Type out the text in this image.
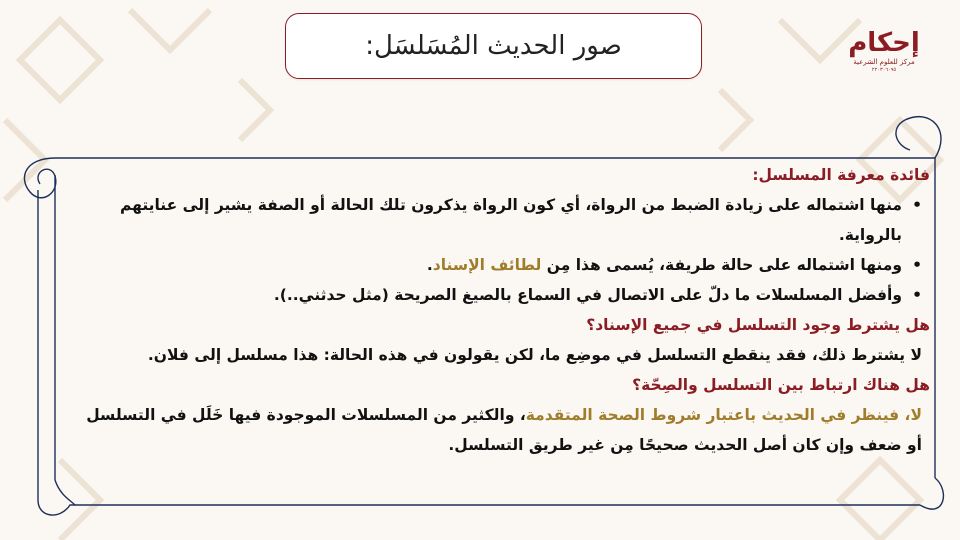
صور الحديث المُسَلسَل:	إحكام
مركز للعلوم الشرعية
٢٢٠٣٠٦٠٩٥
فائدة معرفة المسلسل:
• منها اشتماله على زيادة الضبط من الرواة، أي كون الرواة يذكرون تلك الحالة أو الصفة يشير إلى عنايتهم بالرواية.
• ومنها اشتماله على حالة طريفة، يُسمى هذا مِن لطائف الإسناد.
• وأفضل المسلسلات ما دلّ على الاتصال في السماع بالصيغ الصريحة (مثل حدثني..).
هل يشترط وجود التسلسل في جميع الإسناد؟
لا يشترط ذلك، فقد ينقطع التسلسل في موضِع ما، لكن يقولون في هذه الحالة: هذا مسلسل إلى فلان.
هل هناك ارتباط بين التسلسل والصِحّة؟
لا، فينظر في الحديث باعتبار شروط الصحة المتقدمة، والكثير من المسلسلات الموجودة فيها خَلَل في التسلسل أو ضعف وإن كان أصل الحديث صحيحًا مِن غير طريق التسلسل.
